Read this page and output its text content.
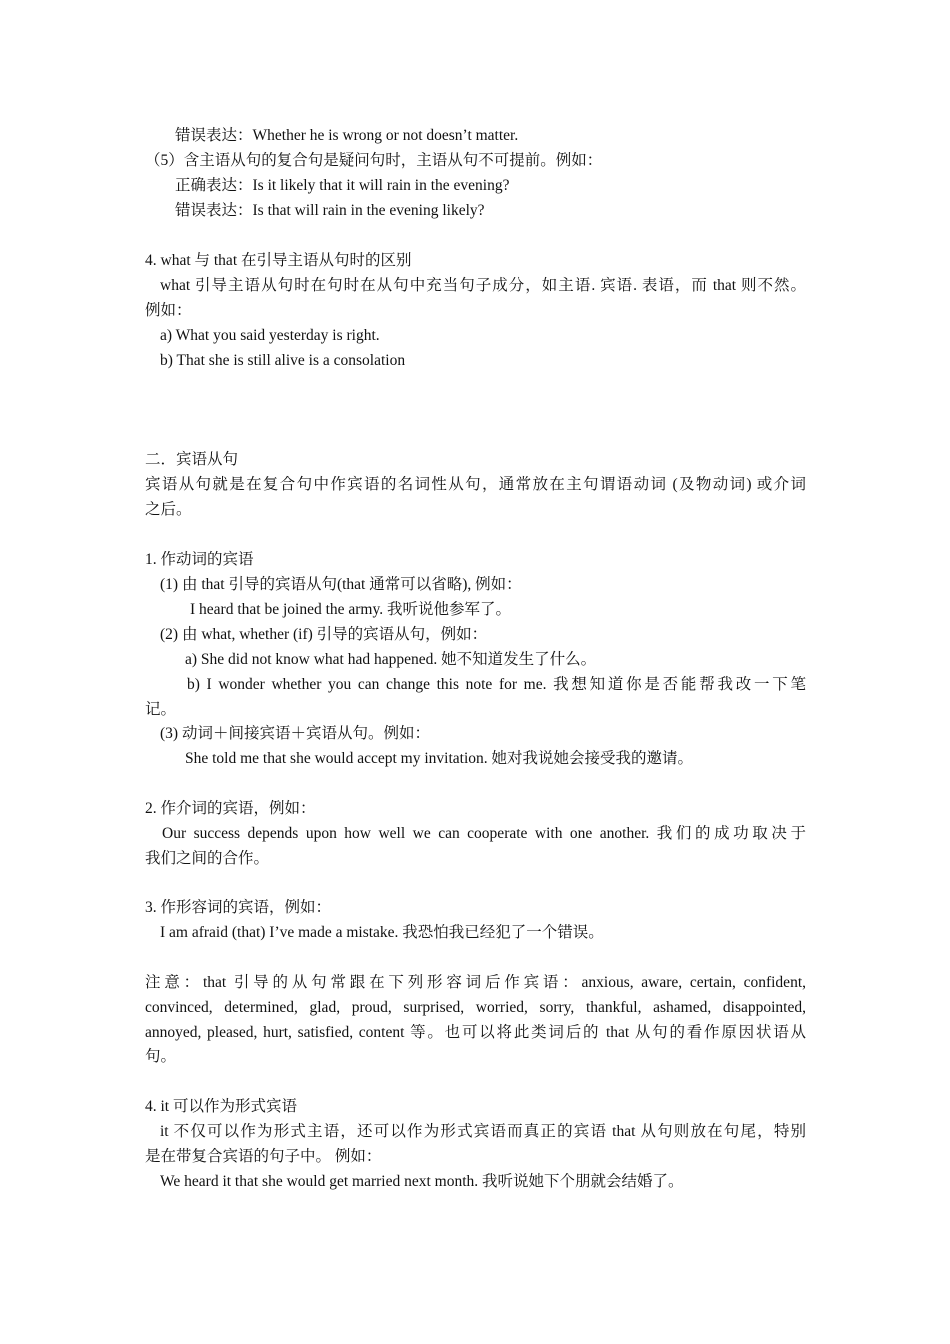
错误表达：Whether he is wrong or not doesn’t matter.
（5）含主语从句的复合句是疑问句时，主语从句不可提前。例如：
正确表达：Is it likely that it will rain in the evening?
错误表达：Is that will rain in the evening likely?
4. what 与 that 在引导主语从句时的区别
what 引导主语从句时在句时在从句中充当句子成分，如主语. 宾语. 表语，而 that 则不然。
例如：
a) What you said yesterday is right.
b) That she is still alive is a consolation
二．宾语从句
宾语从句就是在复合句中作宾语的名词性从句，通常放在主句谓语动词 (及物动词) 或介词
之后。
1. 作动词的宾语
(1) 由 that 引导的宾语从句(that 通常可以省略), 例如：
I heard that be joined the army. 我听说他参军了。
(2) 由 what, whether (if) 引导的宾语从句，例如：
a) She did not know what had happened. 她不知道发生了什么。
b) I wonder whether you can change this note for me. 我想知道你是否能帮我改一下笔
记。
(3) 动词＋间接宾语＋宾语从句。例如：
She told me that she would accept my invitation. 她对我说她会接受我的邀请。
2. 作介词的宾语，例如：
Our success depends upon how well we can cooperate with one another. 我们的成功取决于
我们之间的合作。
3. 作形容词的宾语，例如：
I am afraid (that) I’ve made a mistake. 我恐怕我已经犯了一个错误。
注意：that 引导的从句常跟在下列形容词后作宾语：anxious, aware, certain, confident,
convinced, determined, glad, proud, surprised, worried, sorry, thankful, ashamed, disappointed,
annoyed, pleased, hurt, satisfied, content 等。也可以将此类词后的 that 从句的看作原因状语从
句。
4. it 可以作为形式宾语
it 不仅可以作为形式主语，还可以作为形式宾语而真正的宾语 that 从句则放在句尾，特别
是在带复合宾语的句子中。 例如：
We heard it that she would get married next month. 我听说她下个朋就会结婚了。
